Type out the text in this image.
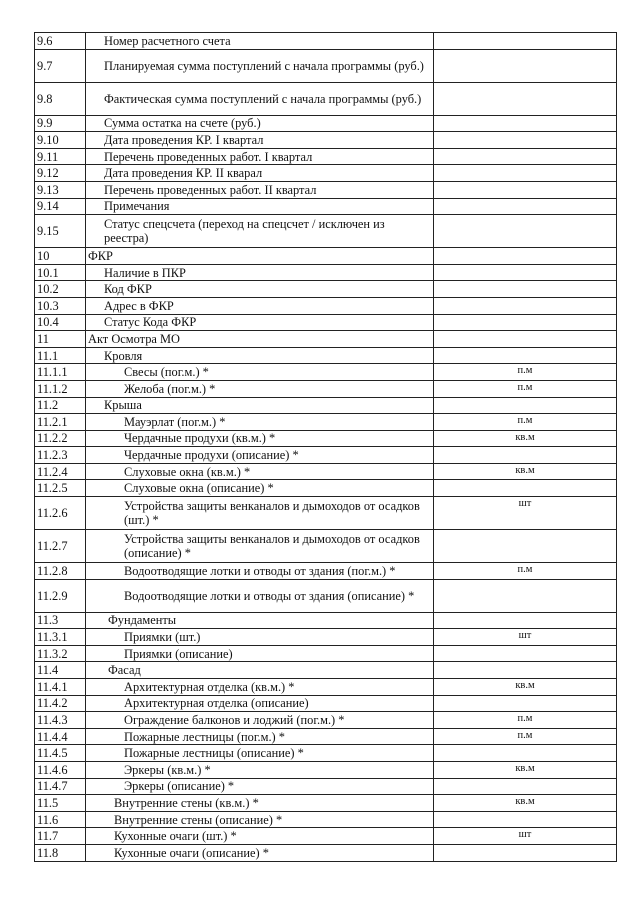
9.6	Номер расчетного счета	
9.7	Планируемая сумма поступлений с начала программы (руб.)	
9.8	Фактическая сумма поступлений с начала программы (руб.)	
9.9	Сумма остатка на счете (руб.)	
9.10	Дата проведения КР. I квартал	
9.11	Перечень проведенных работ. I квартал	
9.12	Дата проведения КР. II кварал	
9.13	Перечень проведенных работ. II квартал	
9.14	Примечания	
9.15	Статус спецсчета (переход на спецсчет / исключен из реестра)	
10	ФКР	
10.1	Наличие в ПКР	
10.2	Код ФКР	
10.3	Адрес в ФКР	
10.4	Статус Кода ФКР	
11	Акт Осмотра МО	
11.1	Кровля	
11.1.1	Свесы (пог.м.) *	п.м
11.1.2	Желоба (пог.м.) *	п.м
11.2	Крыша	
11.2.1	Мауэрлат (пог.м.) *	п.м
11.2.2	Чердачные продухи (кв.м.) *	кв.м
11.2.3	Чердачные продухи (описание) *	
11.2.4	Слуховые окна (кв.м.) *	кв.м
11.2.5	Слуховые окна (описание) *	
11.2.6	Устройства защиты венканалов и дымоходов от осадков (шт.) *	шт
11.2.7	Устройства защиты венканалов и дымоходов от осадков (описание) *	
11.2.8	Водоотводящие лотки и отводы от здания (пог.м.) *	п.м
11.2.9	Водоотводящие лотки и отводы от здания (описание) *	
11.3	Фундаменты	
11.3.1	Приямки (шт.)	шт
11.3.2	Приямки (описание)	
11.4	Фасад	
11.4.1	Архитектурная отделка (кв.м.) *	кв.м
11.4.2	Архитектурная отделка (описание)	
11.4.3	Ограждение балконов и лоджий (пог.м.) *	п.м
11.4.4	Пожарные лестницы (пог.м.) *	п.м
11.4.5	Пожарные лестницы (описание) *	
11.4.6	Эркеры (кв.м.) *	кв.м
11.4.7	Эркеры (описание) *	
11.5	Внутренние стены (кв.м.) *	кв.м
11.6	Внутренние стены (описание) *	
11.7	Кухонные очаги (шт.) *	шт
11.8	Кухонные очаги (описание) *	
